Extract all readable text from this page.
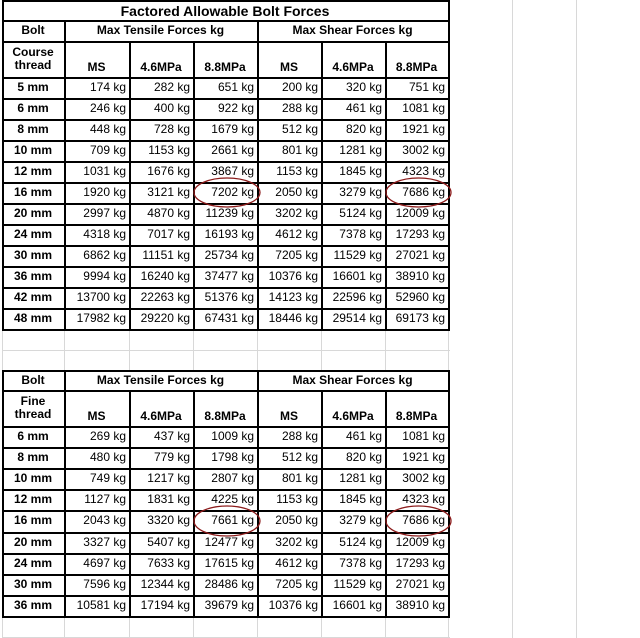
Factored Allowable Bolt Forces
Bolt
Course
thread
Max Tensile Forces kg	Max Shear Forces kg
MS	4.6MPa	8.8MPa	MS	4.6MPa	8.8MPa
5 mm	174 kg	282 kg	651 kg	200 kg	320 kg	751 kg
6 mm	246 kg	400 kg	922 kg	288 kg	461 kg	1081 kg
8 mm	448 kg	728 kg	1679 kg	512 kg	820 kg	1921 kg
10 mm	709 kg	1153 kg	2661 kg	801 kg	1281 kg	3002 kg
12 mm	1031 kg	1676 kg	3867 kg	1153 kg	1845 kg	4323 kg
16 mm	1920 kg	3121 kg	7202 kg	2050 kg	3279 kg	7686 kg
20 mm	2997 kg	4870 kg	11239 kg	3202 kg	5124 kg	12009 kg
24 mm	4318 kg	7017 kg	16193 kg	4612 kg	7378 kg	17293 kg
30 mm	6862 kg	11151 kg	25734 kg	7205 kg	11529 kg	27021 kg
36 mm	9994 kg	16240 kg	37477 kg	10376 kg	16601 kg	38910 kg
42 mm	13700 kg	22263 kg	51376 kg	14123 kg	22596 kg	52960 kg
48 mm	17982 kg	29220 kg	67431 kg	18446 kg	29514 kg	69173 kg
Bolt
Fine
thread
Max Tensile Forces kg	Max Shear Forces kg
MS	4.6MPa	8.8MPa	MS	4.6MPa	8.8MPa
6 mm	269 kg	437 kg	1009 kg	288 kg	461 kg	1081 kg
8 mm	480 kg	779 kg	1798 kg	512 kg	820 kg	1921 kg
10 mm	749 kg	1217 kg	2807 kg	801 kg	1281 kg	3002 kg
12 mm	1127 kg	1831 kg	4225 kg	1153 kg	1845 kg	4323 kg
16 mm	2043 kg	3320 kg	7661 kg	2050 kg	3279 kg	7686 kg
20 mm	3327 kg	5407 kg	12477 kg	3202 kg	5124 kg	12009 kg
24 mm	4697 kg	7633 kg	17615 kg	4612 kg	7378 kg	17293 kg
30 mm	7596 kg	12344 kg	28486 kg	7205 kg	11529 kg	27021 kg
36 mm	10581 kg	17194 kg	39679 kg	10376 kg	16601 kg	38910 kg
